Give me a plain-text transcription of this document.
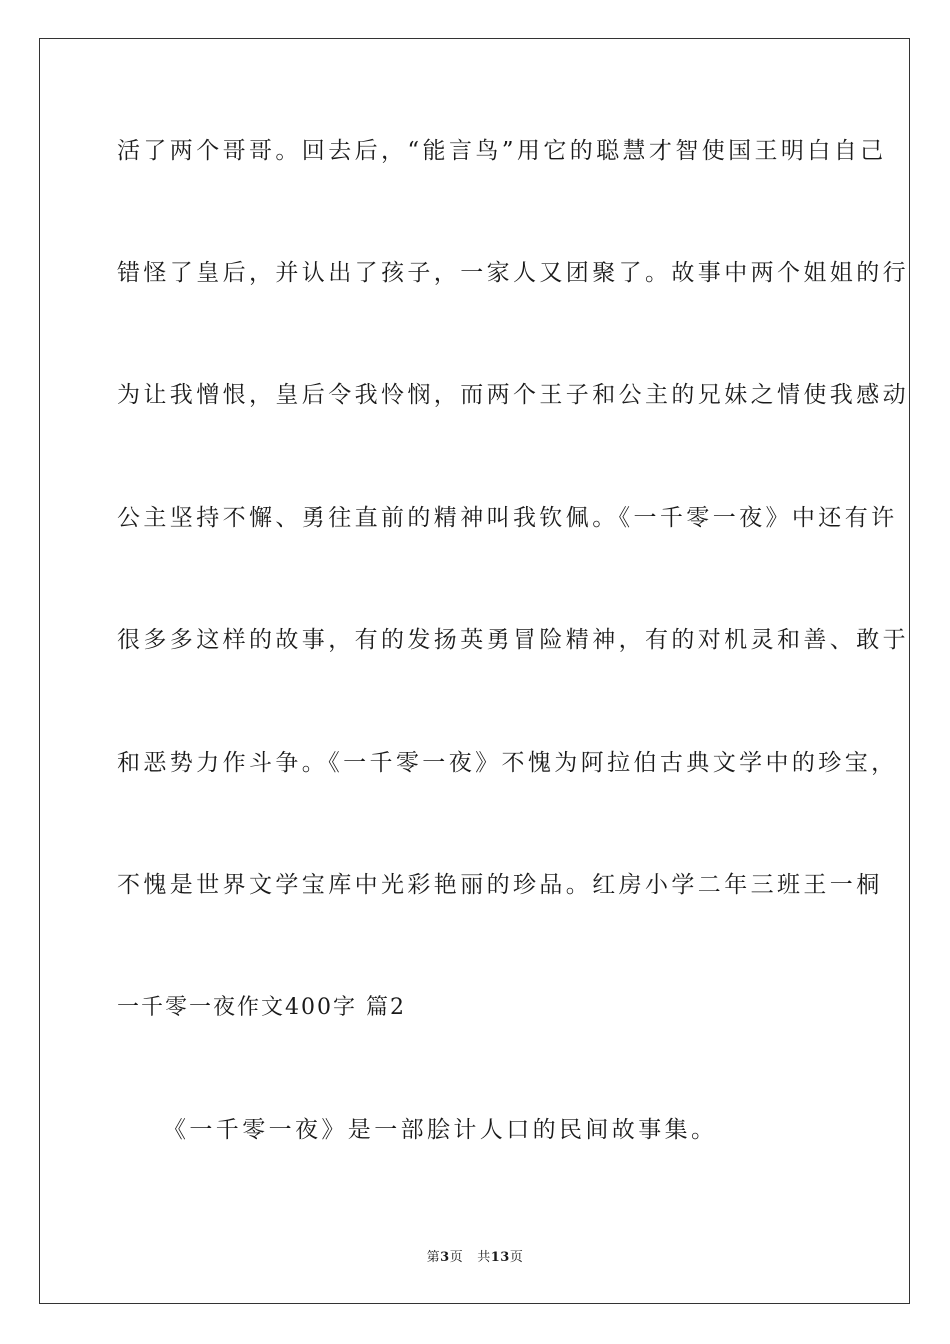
活了两个哥哥。回去后，“能言鸟”用它的聪慧才智使国王明白自己
错怪了皇后，并认出了孩子，一家人又团聚了。故事中两个姐姐的行
为让我憎恨，皇后令我怜悯，而两个王子和公主的兄妹之情使我感动
公主坚持不懈、勇往直前的精神叫我钦佩。《一千零一夜》中还有许
很多多这样的故事，有的发扬英勇冒险精神，有的对机灵和善、敢于
和恶势力作斗争。《一千零一夜》不愧为阿拉伯古典文学中的珍宝，
不愧是世界文学宝库中光彩艳丽的珍品。红房小学二年三班王一桐
一千零一夜作文400字 篇2
《一千零一夜》是一部脍计人口的民间故事集。
第3页 共13页
